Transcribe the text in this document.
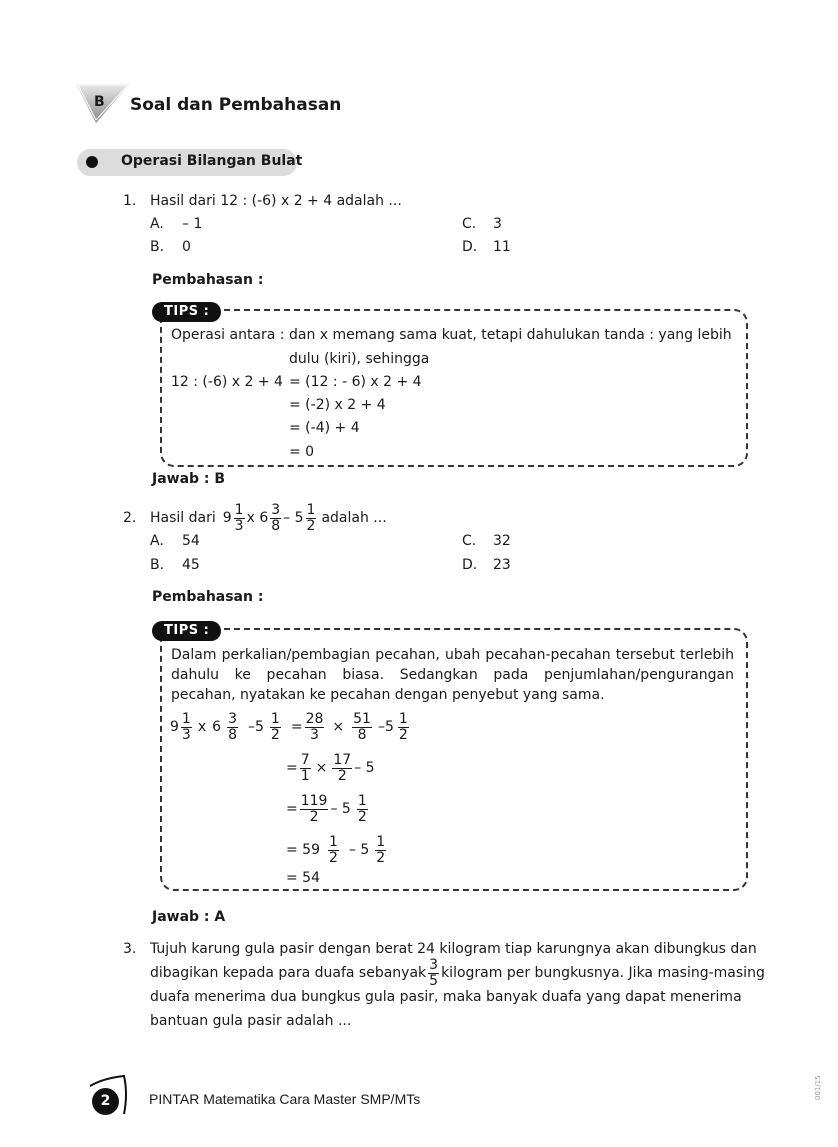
B Soal dan Pembahasan
Operasi Bilangan Bulat
1. Hasil dari 12 : (-6) x 2 + 4 adalah ...
A. – 1
B. 0
C. 3
D. 11
Pembahasan :
TIPS :
Operasi antara : dan x memang sama kuat, tetapi dahulukan tanda : yang lebih
dulu (kiri), sehingga
12 : (-6) x 2 + 4 = (12 : - 6) x 2 + 4
= (-2) x 2 + 4
= (-4) + 4
= 0
Jawab : B
2. Hasil dari $9 \frac{1}{3}$ x $6 \frac{3}{8} - 5 \frac{1}{2}$ adalah ...
A. 54
B. 45
C. 32
D. 23
Pembahasan :
TIPS :
Dalam perkalian/pembagian pecahan, ubah pecahan-pecahan tersebut terlebih dahulu ke pecahan biasa. Sedangkan pada penjumlahan/pengurangan pecahan, nyatakan ke pecahan dengan penyebut yang sama.
$9 \frac{1}{3}$ x $6 \frac{3}{8} -5 \frac{1}{2} = \frac{28}{3} \times \frac{51}{8} -5 \frac{1}{2}$
= $\frac{7}{1} \times \frac{17}{2} - 5$
= $\frac{119}{2} - 5 \frac{1}{2}$
= $59 \frac{1}{2} - 5 \frac{1}{2}$
= 54
Jawab : A
3. Tujuh karung gula pasir dengan berat 24 kilogram tiap karungnya akan dibungkus dan
dibagikan kepada para duafa sebanyak $\frac{3}{5}$ kilogram per bungkusnya. Jika masing-masing
duafa menerima dua bungkus gula pasir, maka banyak duafa yang dapat menerima
bantuan gula pasir adalah ...
2	PINTAR Matematika Cara Master SMP/MTs	001/15
